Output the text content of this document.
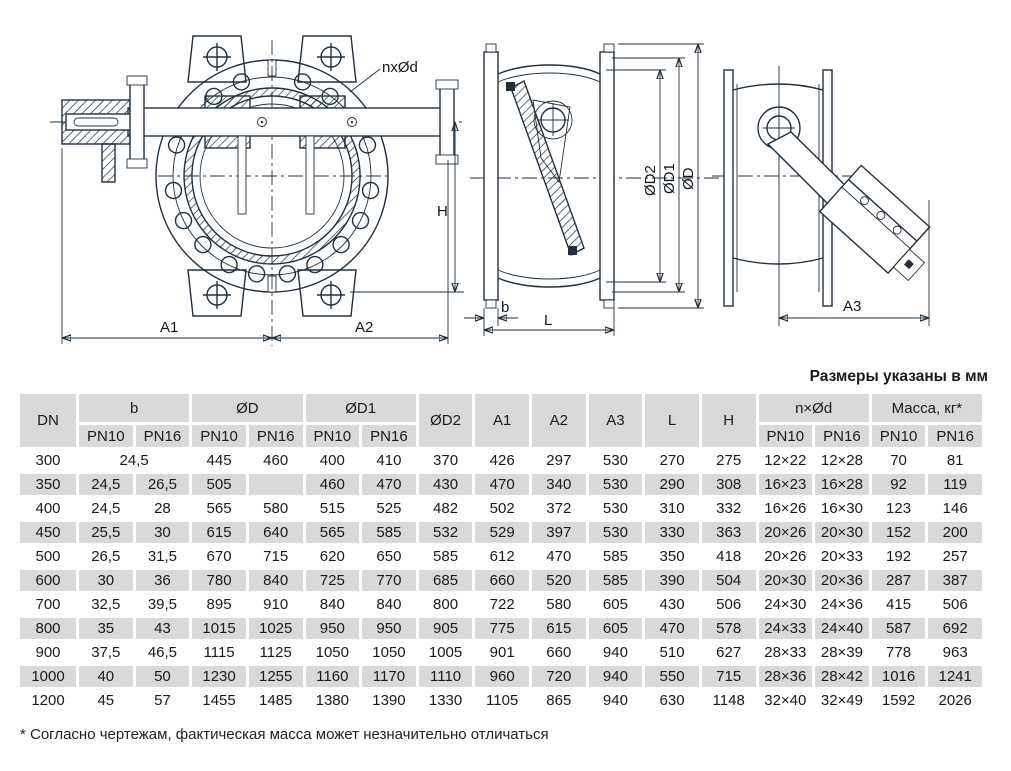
nxØd
A1	A2
H
ØD2 ØD1 ØD
b
L
A3
Размеры указаны в мм
DN	b		ØD		ØD1		ØD2	A1	A2	A3	L	H	n×Ød		Масса, кг*	
	PN10	PN16	PN10	PN16	PN10	PN16							PN10	PN16	PN10	PN16
300	24,5		445	460	400	410	370	426	297	530	270	275	12×22	12×28	70	81
350	24,5	26,5	505		460	470	430	470	340	530	290	308	16×23	16×28	92	119
400	24,5	28	565	580	515	525	482	502	372	530	310	332	16×26	16×30	123	146
450	25,5	30	615	640	565	585	532	529	397	530	330	363	20×26	20×30	152	200
500	26,5	31,5	670	715	620	650	585	612	470	585	350	418	20×26	20×33	192	257
600	30	36	780	840	725	770	685	660	520	585	390	504	20×30	20×36	287	387
700	32,5	39,5	895	910	840	840	800	722	580	605	430	506	24×30	24×36	415	506
800	35	43	1015	1025	950	950	905	775	615	605	470	578	24×33	24×40	587	692
900	37,5	46,5	1115	1125	1050	1050	1005	901	660	940	510	627	28×33	28×39	778	963
1000	40	50	1230	1255	1160	1170	1110	960	720	940	550	715	28×36	28×42	1016	1241
1200	45	57	1455	1485	1380	1390	1330	1105	865	940	630	1148	32×40	32×49	1592	2026
* Согласно чертежам, фактическая масса может незначительно отличаться
